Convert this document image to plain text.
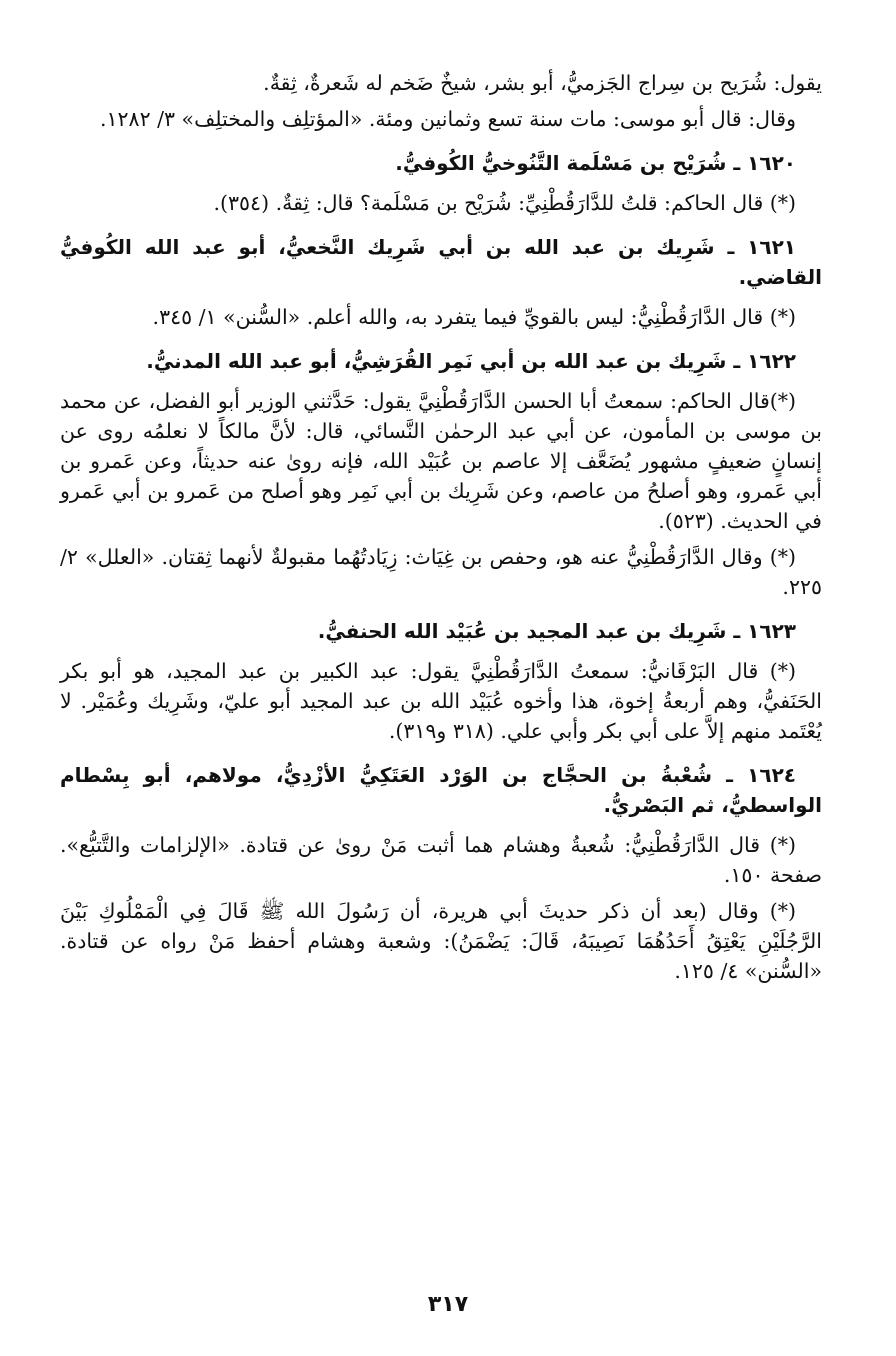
يقول: شُرَيح بن سِراج الجَزميُّ، أبو بشر، شيخٌ ضَخم له شَعرةٌ، ثِقةٌ.

وقال: قال أبو موسى: مات سنة تسع وثمانين ومئة. «المؤتلِف والمختلِف» ٣/ ١٢٨٢.

١٦٢٠ ـ شُرَيْح بن مَسْلَمة التَّنُوخيُّ الكُوفيُّ.

(*) قال الحاكم: قلتُ للدَّارَقُطْنِيِّ: شُرَيْح بن مَسْلَمة؟ قال: ثِقةٌ. (٣٥٤).

١٦٢١ ـ شَرِيك بن عبد الله بن أبي شَرِيك النَّخعيُّ، أبو عبد الله الكُوفيُّ القاضي.

(*) قال الدَّارَقُطْنِيُّ: ليس بالقويِّ فيما يتفرد به، والله أعلم. «السُّنن» ١/ ٣٤٥.

١٦٢٢ ـ شَرِيك بن عبد الله بن أبي نَمِر القُرَشِيُّ، أبو عبد الله المدنيُّ.

(*)قال الحاكم: سمعتُ أبا الحسن الدَّارَقُطْنِيَّ يقول: حَدَّثني الوزير أبو الفضل، عن محمد بن موسى بن المأمون، عن أبي عبد الرحمٰن النَّسائي، قال: لأنَّ مالكاً لا نعلمُه روى عن إنسانٍ ضعيفٍ مشهور يُضَعَّف إلا عاصم بن عُبَيْد الله، فإنه روىٰ عنه حديثاً، وعن عَمرو بن أبي عَمرو، وهو أصلحُ من عاصم، وعن شَرِيك بن أبي نَمِر وهو أصلح من عَمرو بن أبي عَمرو في الحديث. (٥٢٣).

(*) وقال الدَّارَقُطْنِيُّ عنه هو، وحفص بن غِيَاث: زِيَادتُهُما مقبولةٌ لأنهما ثِقتان. «العلل» ٢/ ٢٢٥.

١٦٢٣ ـ شَرِيك بن عبد المجيد بن عُبَيْد الله الحنفيُّ.

(*) قال البَرْقَانيُّ: سمعتُ الدَّارَقُطْنِيَّ يقول: عبد الكبير بن عبد المجيد، هو أبو بكر الحَنَفيُّ، وهم أربعةُ إخوة، هذا وأخوه عُبَيْد الله بن عبد المجيد أبو عليّ، وشَرِيك وعُمَيْر. لا يُعْتَمد منهم إلاَّ على أبي بكر وأبي علي. (٣١٨ و٣١٩).

١٦٢٤ ـ شُعْبةُ بن الحجَّاج بن الوَرْد العَتَكِيُّ الأزْدِيُّ، مولاهم، أبو بِسْطام الواسطيُّ، ثم البَصْريُّ.

(*) قال الدَّارَقُطْنِيُّ: شُعبةُ وهشام هما أثبت مَنْ روىٰ عن قتادة. «الإلزامات والتَّتبُّع». صفحة ١٥٠.

(*) وقال (بعد أن ذكر حديثَ أبي هريرة، أن رَسُولَ الله ﷺ قَالَ فِي الْمَمْلُوكِ بَيْنَ الرَّجُلَيْنِ يَعْتِقُ أَحَدُهُمَا نَصِيبَهُ، قَالَ: يَضْمَنُ): وشعبة وهشام أحفظ مَنْ رواه عن قتادة. «السُّنن» ٤/ ١٢٥.

٣١٧
